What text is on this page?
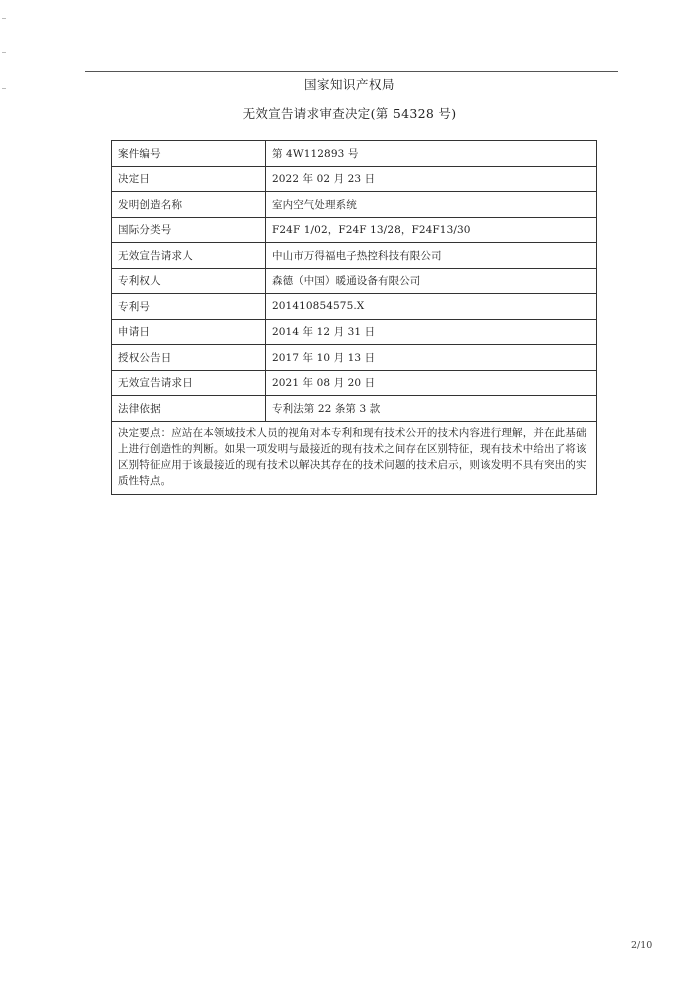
国家知识产权局
无效宣告请求审查决定(第 54328 号)
案件编号	第 4W112893 号
决定日	2022 年 02 月 23 日
发明创造名称	室内空气处理系统
国际分类号	F24F 1/02，F24F 13/28，F24F13/30
无效宣告请求人	中山市万得福电子热控科技有限公司
专利权人	森德（中国）暖通设备有限公司
专利号	201410854575.X
申请日	2014 年 12 月 31 日
授权公告日	2017 年 10 月 13 日
无效宣告请求日	2021 年 08 月 20 日
法律依据	专利法第 22 条第 3 款
决定要点：应站在本领域技术人员的视角对本专利和现有技术公开的技术内容进行理解，并在此基础上进行创造性的判断。如果一项发明与最接近的现有技术之间存在区别特征，现有技术中给出了将该区别特征应用于该最接近的现有技术以解决其存在的技术问题的技术启示，则该发明不具有突出的实质性特点。	
2/10
